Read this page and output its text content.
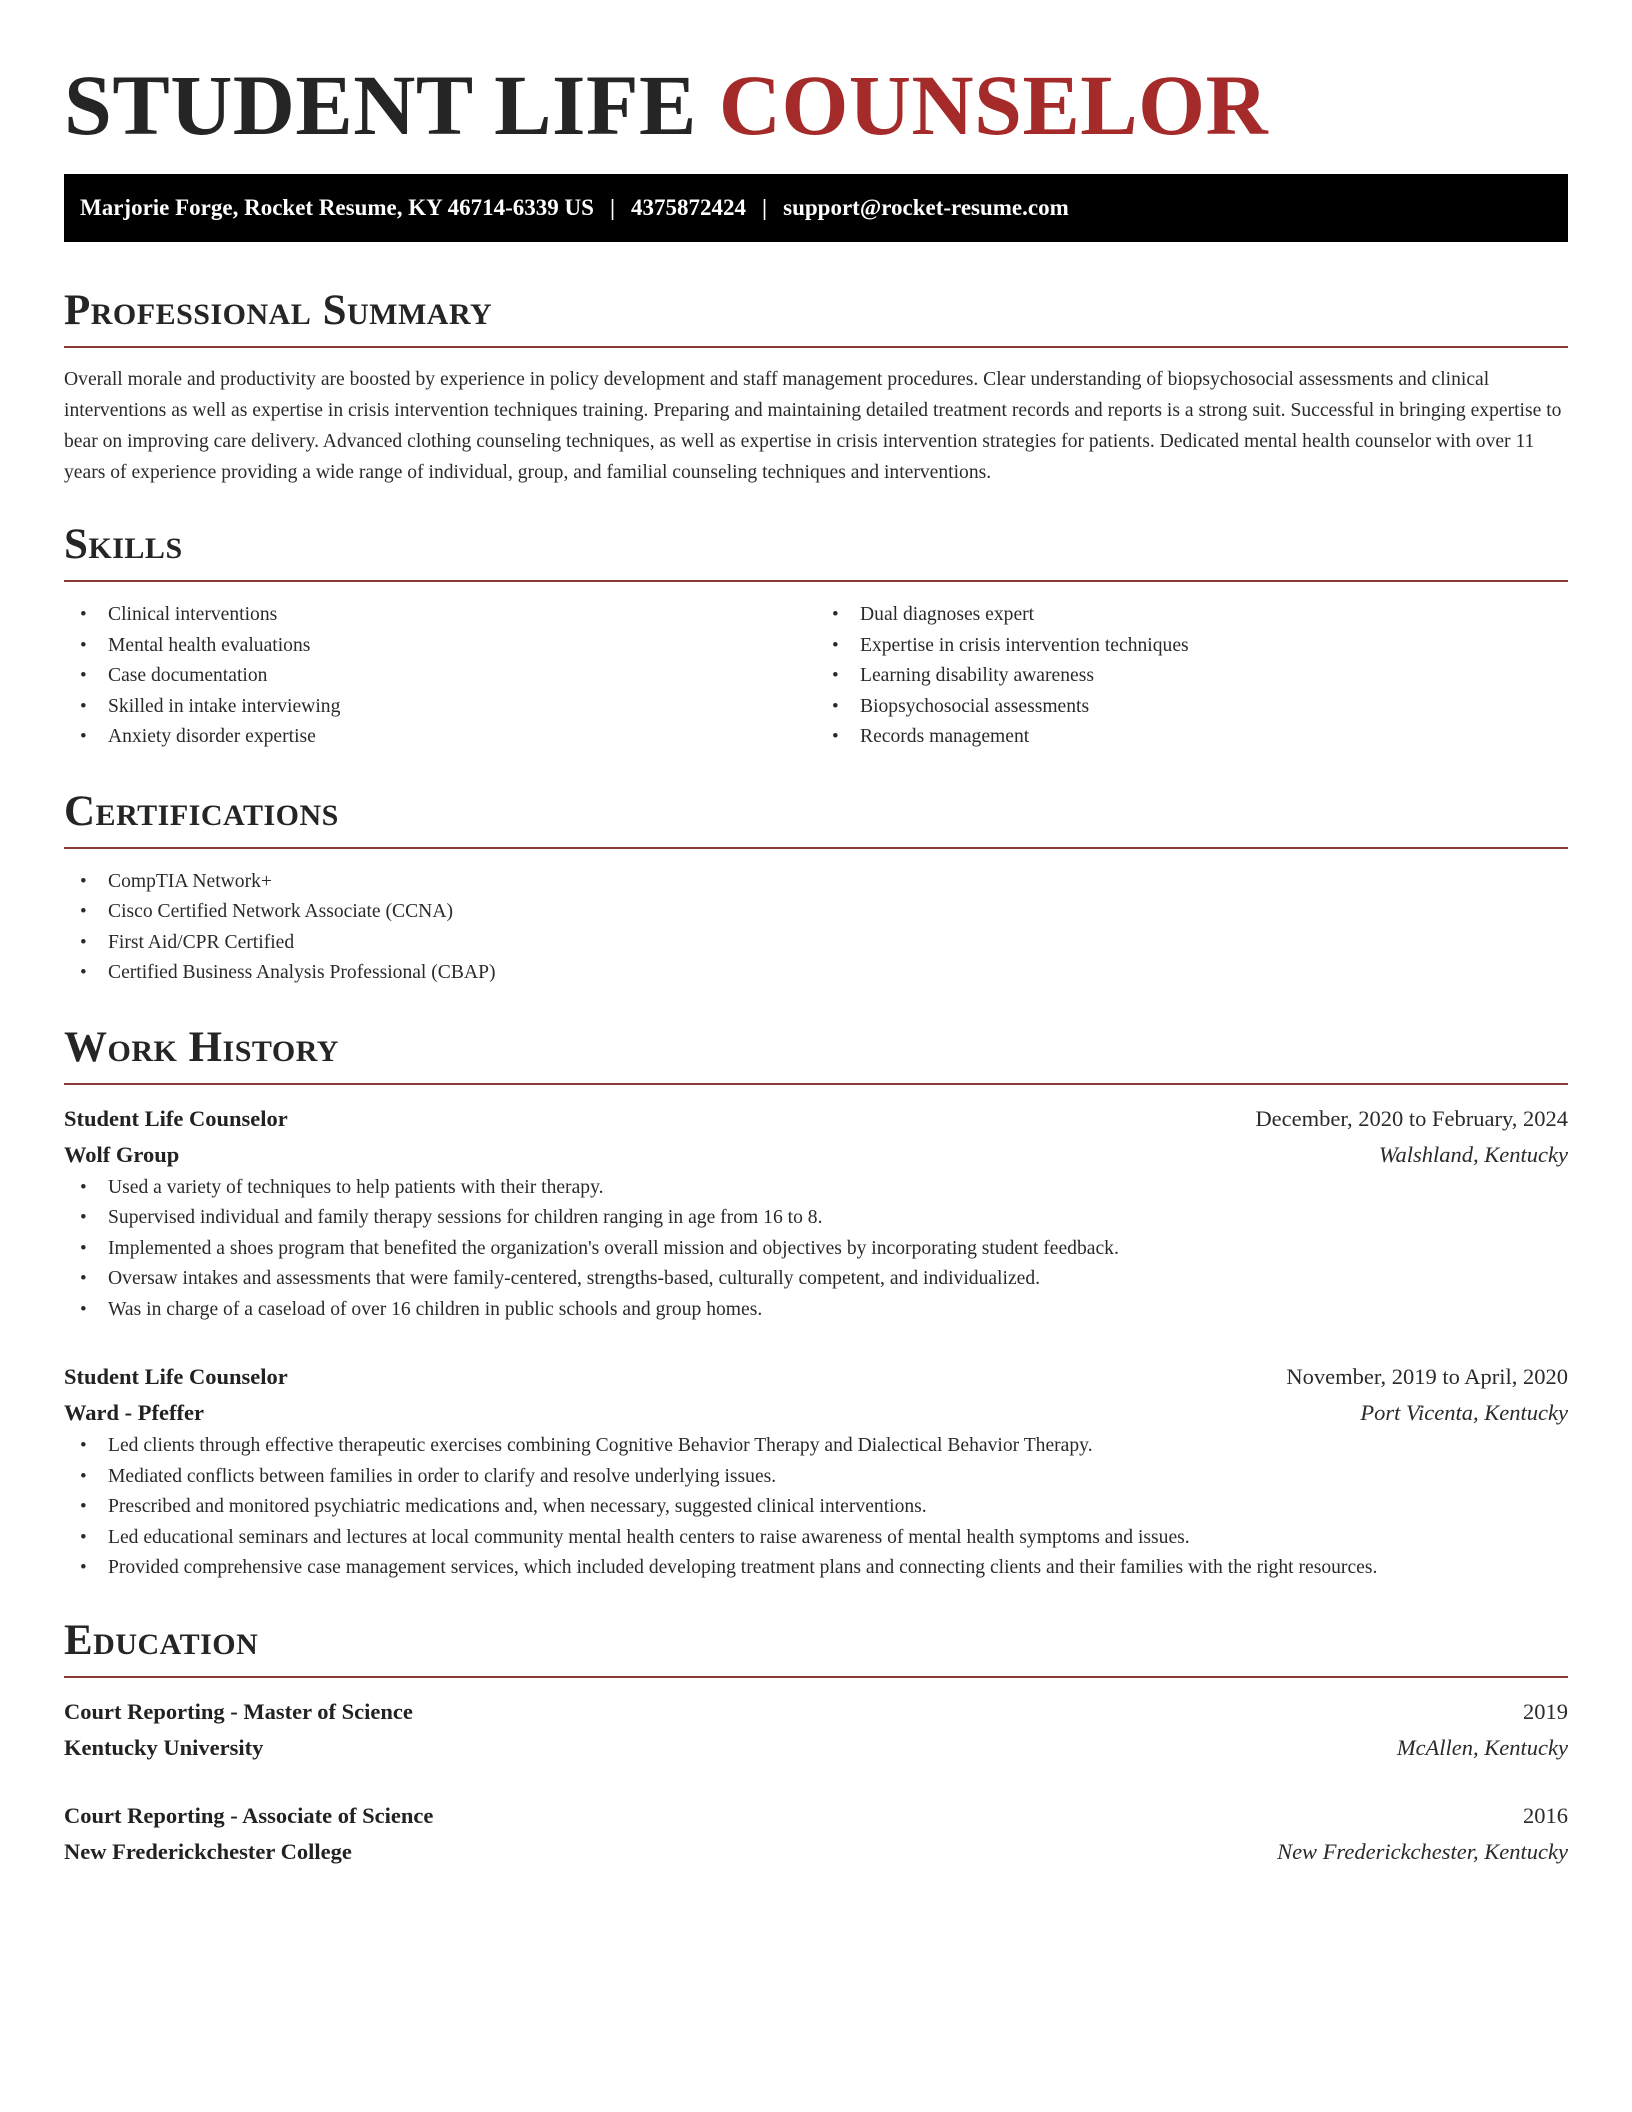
STUDENT LIFE COUNSELOR
Marjorie Forge, Rocket Resume, KY 46714-6339 US | 4375872424 | support@rocket-resume.com
Professional Summary

Overall morale and productivity are boosted by experience in policy development and staff management procedures. Clear understanding of biopsychosocial assessments and clinical interventions as well as expertise in crisis intervention techniques training. Preparing and maintaining detailed treatment records and reports is a strong suit. Successful in bringing expertise to bear on improving care delivery. Advanced clothing counseling techniques, as well as expertise in crisis intervention strategies for patients. Dedicated mental health counselor with over 11 years of experience providing a wide range of individual, group, and familial counseling techniques and interventions.

Skills
• Clinical interventions
• Mental health evaluations
• Case documentation
• Skilled in intake interviewing
• Anxiety disorder expertise
• Dual diagnoses expert
• Expertise in crisis intervention techniques
• Learning disability awareness
• Biopsychosocial assessments
• Records management
Certifications
• CompTIA Network+
• Cisco Certified Network Associate (CCNA)
• First Aid/CPR Certified
• Certified Business Analysis Professional (CBAP)
Work History
Student Life Counselor	December, 2020 to February, 2024
Wolf Group	Walshland, Kentucky
• Used a variety of techniques to help patients with their therapy.
• Supervised individual and family therapy sessions for children ranging in age from 16 to 8.
• Implemented a shoes program that benefited the organization's overall mission and objectives by incorporating student feedback.
• Oversaw intakes and assessments that were family-centered, strengths-based, culturally competent, and individualized.
• Was in charge of a caseload of over 16 children in public schools and group homes.
Student Life Counselor	November, 2019 to April, 2020
Ward - Pfeffer	Port Vicenta, Kentucky
• Led clients through effective therapeutic exercises combining Cognitive Behavior Therapy and Dialectical Behavior Therapy.
• Mediated conflicts between families in order to clarify and resolve underlying issues.
• Prescribed and monitored psychiatric medications and, when necessary, suggested clinical interventions.
• Led educational seminars and lectures at local community mental health centers to raise awareness of mental health symptoms and issues.
• Provided comprehensive case management services, which included developing treatment plans and connecting clients and their families with the right resources.
Education
Court Reporting - Master of Science	2019
Kentucky University	McAllen, Kentucky
Court Reporting - Associate of Science	2016
New Frederickchester College	New Frederickchester, Kentucky
